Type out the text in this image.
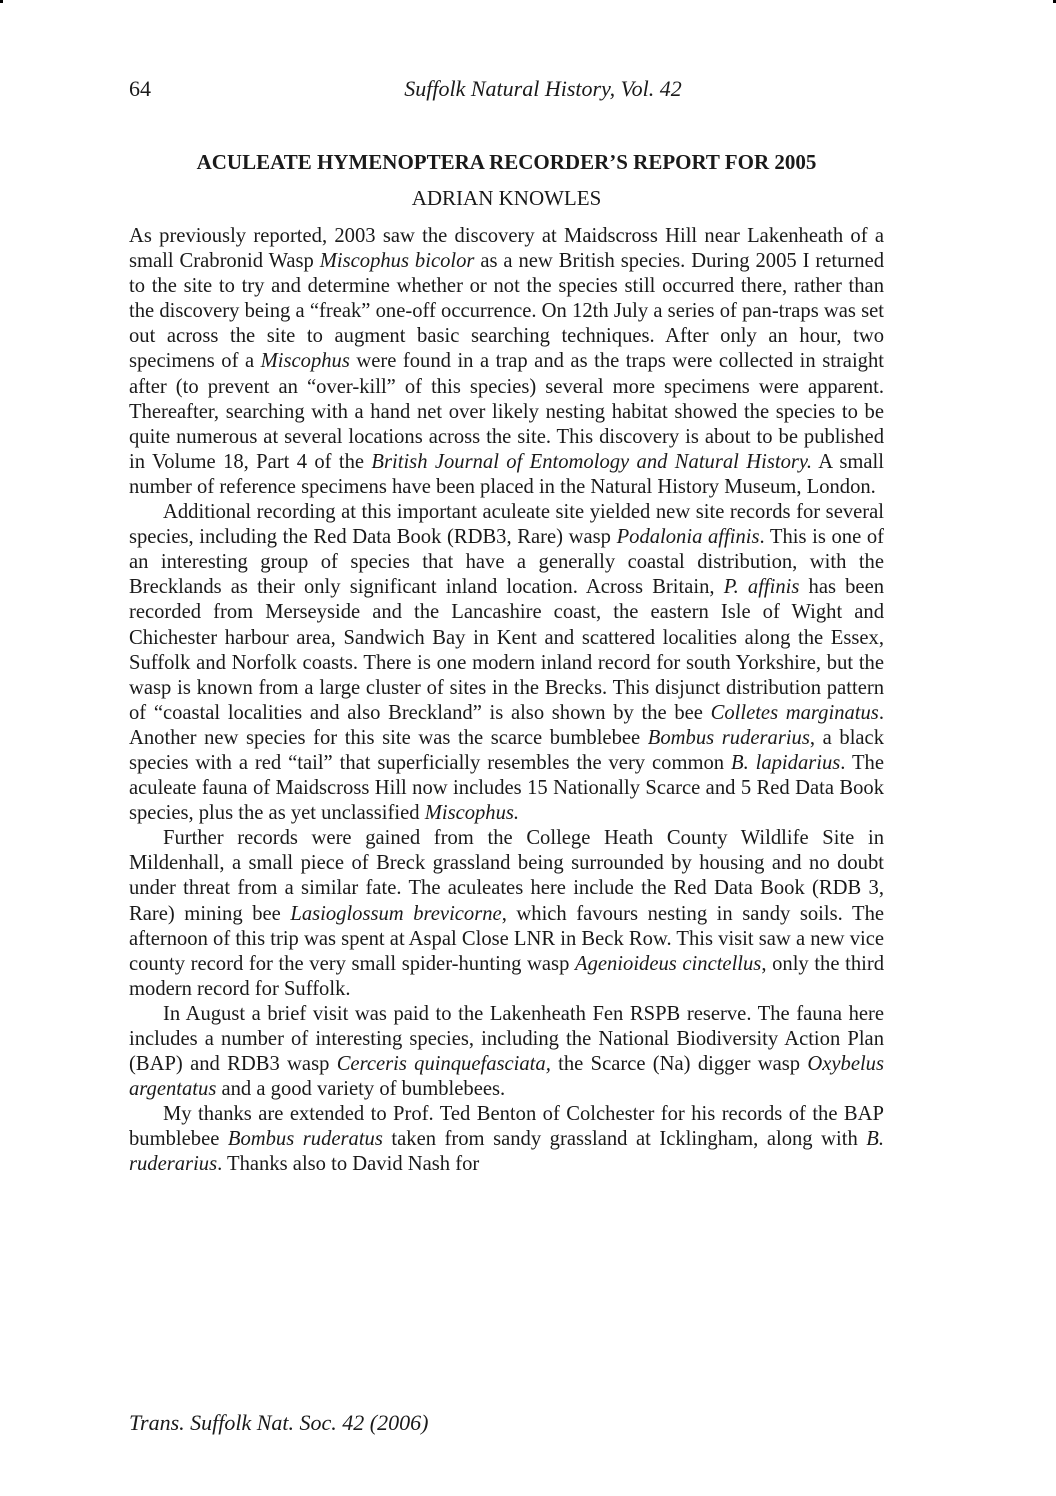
64	Suffolk Natural History, Vol. 42
ACULEATE HYMENOPTERA RECORDER’S REPORT FOR 2005
ADRIAN KNOWLES

As previously reported, 2003 saw the discovery at Maidscross Hill near Lakenheath of a small Crabronid Wasp Miscophus bicolor as a new British species. During 2005 I returned to the site to try and determine whether or not the species still occurred there, rather than the discovery being a “freak” one-off occurrence. On 12th July a series of pan-traps was set out across the site to augment basic searching techniques. After only an hour, two specimens of a Miscophus were found in a trap and as the traps were collected in straight after (to prevent an “over-kill” of this species) several more specimens were apparent. Thereafter, searching with a hand net over likely nesting habitat showed the species to be quite numerous at several locations across the site. This discovery is about to be published in Volume 18, Part 4 of the British Journal of Entomology and Natural History. A small number of reference specimens have been placed in the Natural History Museum, London.

Additional recording at this important aculeate site yielded new site records for several species, including the Red Data Book (RDB3, Rare) wasp Podalonia affinis. This is one of an interesting group of species that have a generally coastal distribution, with the Brecklands as their only significant inland location. Across Britain, P. affinis has been recorded from Merseyside and the Lancashire coast, the eastern Isle of Wight and Chichester harbour area, Sandwich Bay in Kent and scattered localities along the Essex, Suffolk and Norfolk coasts. There is one modern inland record for south Yorkshire, but the wasp is known from a large cluster of sites in the Brecks. This disjunct distribution pattern of “coastal localities and also Breckland” is also shown by the bee Colletes marginatus. Another new species for this site was the scarce bumblebee Bombus ruderarius, a black species with a red “tail” that superficially resembles the very common B. lapidarius. The aculeate fauna of Maidscross Hill now includes 15 Nationally Scarce and 5 Red Data Book species, plus the as yet unclassified Miscophus.

Further records were gained from the College Heath County Wildlife Site in Mildenhall, a small piece of Breck grassland being surrounded by housing and no doubt under threat from a similar fate. The aculeates here include the Red Data Book (RDB 3, Rare) mining bee Lasioglossum brevicorne, which favours nesting in sandy soils. The afternoon of this trip was spent at Aspal Close LNR in Beck Row. This visit saw a new vice county record for the very small spider-hunting wasp Agenioideus cinctellus, only the third modern record for Suffolk.

In August a brief visit was paid to the Lakenheath Fen RSPB reserve. The fauna here includes a number of interesting species, including the National Biodiversity Action Plan (BAP) and RDB3 wasp Cerceris quinquefasciata, the Scarce (Na) digger wasp Oxybelus argentatus and a good variety of bumblebees.

My thanks are extended to Prof. Ted Benton of Colchester for his records of the BAP bumblebee Bombus ruderatus taken from sandy grassland at Icklingham, along with B. ruderarius. Thanks also to David Nash for

Trans. Suffolk Nat. Soc. 42 (2006)
